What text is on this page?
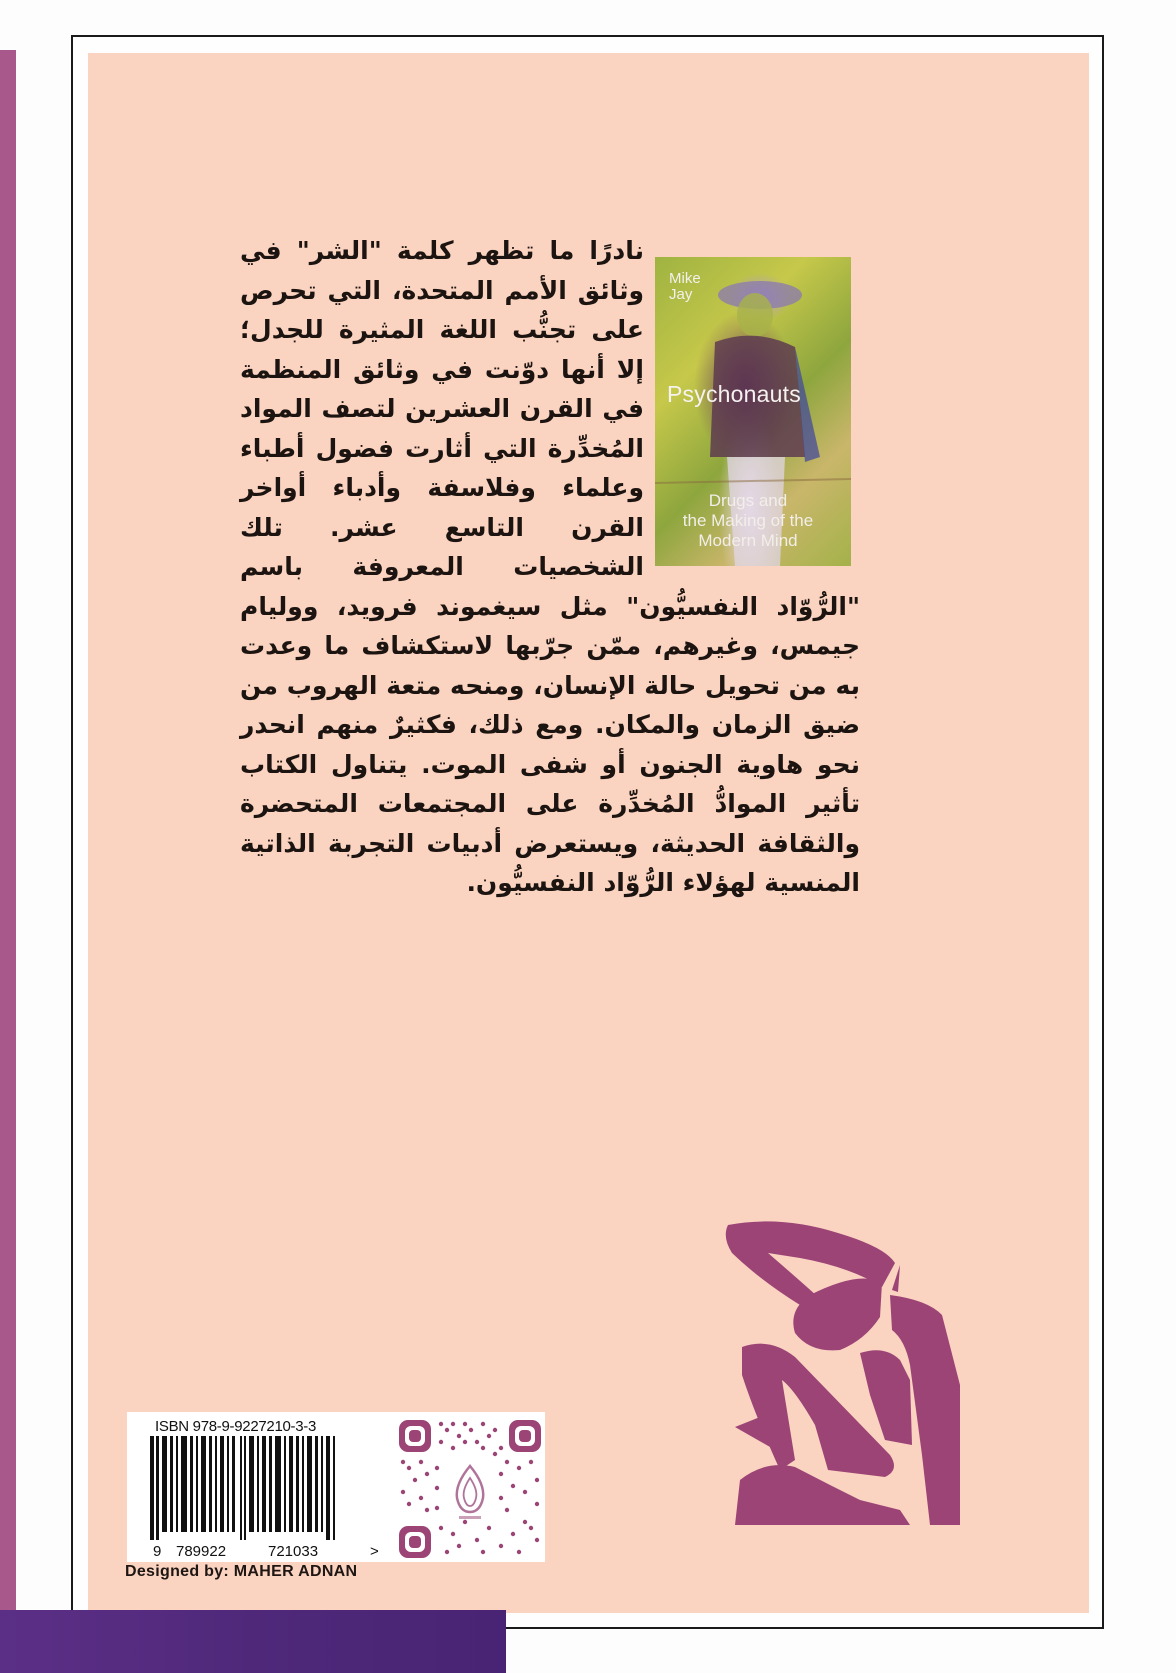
نادرًا ما تظهر كلمة "الشر" في وثائق الأمم المتحدة، التي تحرص على تجنُّب اللغة المثيرة للجدل؛ إلا أنها دوّنت في وثائق المنظمة في القرن العشرين لتصف المواد المُخدِّرة التي أثارت فضول أطباء وعلماء وفلاسفة وأدباء أواخر القرن التاسع عشر. تلك الشخصيات المعروفة باسم "الرُّوّاد النفسيُّون" مثل سيغموند فرويد، ووليام جيمس، وغيرهم، ممّن جرّبها لاستكشاف ما وعدت به من تحويل حالة الإنسان، ومنحه متعة الهروب من ضيق الزمان والمكان. ومع ذلك، فكثيرٌ منهم انحدر نحو هاوية الجنون أو شفى الموت. يتناول الكتاب تأثير الموادُّ المُخدِّرة على المجتمعات المتحضرة والثقافة الحديثة، ويستعرض أدبيات التجربة الذاتية المنسية لهؤلاء الرُّوّاد النفسيُّون.
Mike
Jay
Psychonauts
Drugs and
the Making of the
Modern Mind
ISBN 978-9-9227210-3-3
9 789922	721033	>
Designed by: MAHER ADNAN
